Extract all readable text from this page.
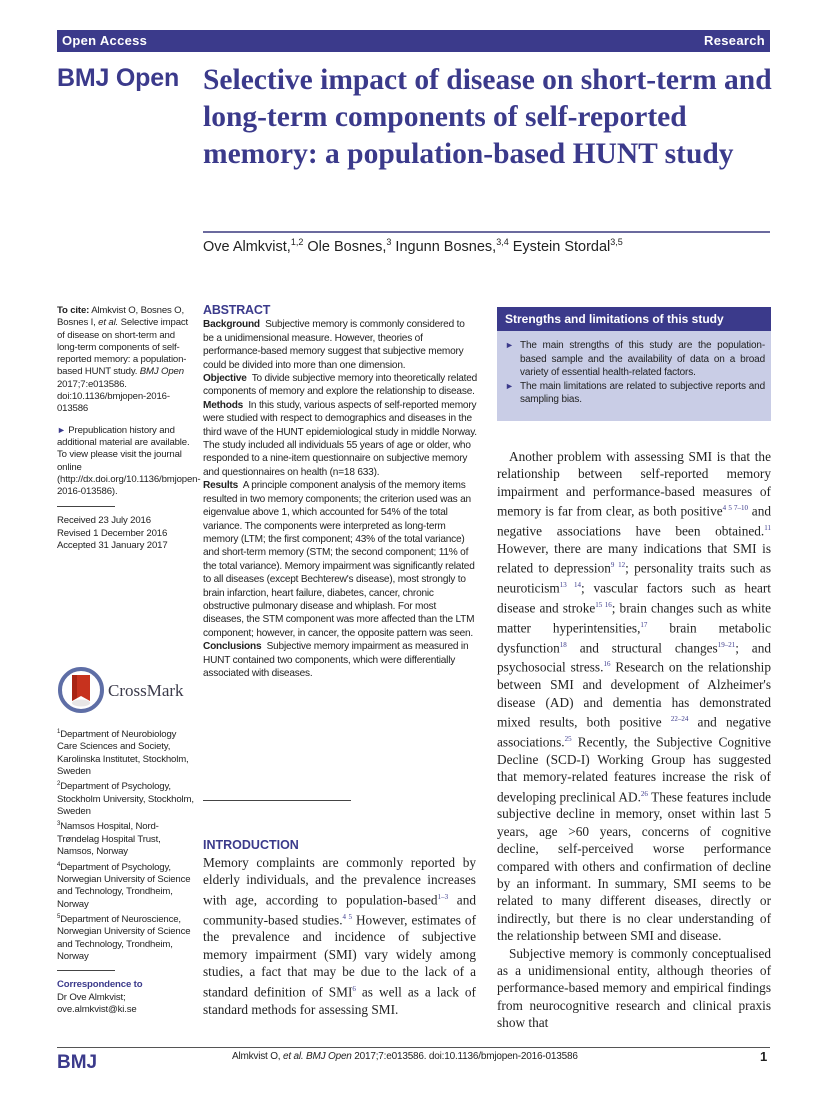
Open Access	Research
BMJ Open Selective impact of disease on short-term and long-term components of self-reported memory: a population-based HUNT study
Ove Almkvist,$^{1,2}$ Ole Bosnes,$^3$ Ingunn Bosnes,$^{3,4}$ Eystein Stordal$^{3,5}$
To cite: Almkvist O, Bosnes O, Bosnes I, et al. Selective impact of disease on short-term and long-term components of self-reported memory: a population-based HUNT study. BMJ Open 2017;7:e013586. doi:10.1136/bmjopen-2016-013586
► Prepublication history and additional material are available. To view please visit the journal online (http://dx.doi.org/10.1136/bmjopen-2016-013586).
Received 23 July 2016
Revised 1 December 2016
Accepted 31 January 2017
CrossMark
$^1$Department of Neurobiology Care Sciences and Society, Karolinska Institutet, Stockholm, Sweden
$^2$Department of Psychology, Stockholm University, Stockholm, Sweden
$^3$Namsos Hospital, Nord-Trøndelag Hospital Trust, Namsos, Norway
$^4$Department of Psychology, Norwegian University of Science and Technology, Trondheim, Norway
$^5$Department of Neuroscience, Norwegian University of Science and Technology, Trondheim, Norway
Correspondence to
Dr Ove Almkvist;
ove.almkvist@ki.se
ABSTRACT
Background Subjective memory is commonly considered to be a unidimensional measure. However, theories of performance-based memory suggest that subjective memory could be divided into more than one dimension.
Objective To divide subjective memory into theoretically related components of memory and explore the relationship to disease.
Methods In this study, various aspects of self-reported memory were studied with respect to demographics and diseases in the third wave of the HUNT epidemiological study in middle Norway. The study included all individuals 55 years of age or older, who responded to a nine-item questionnaire on subjective memory and questionnaires on health (n=18 633).
Results A principle component analysis of the memory items resulted in two memory components; the criterion used was an eigenvalue above 1, which accounted for 54% of the total variance. The components were interpreted as long-term memory (LTM; the first component; 43% of the total variance) and short-term memory (STM; the second component; 11% of the total variance). Memory impairment was significantly related to all diseases (except Bechterew's disease), most strongly to brain infarction, heart failure, diabetes, cancer, chronic obstructive pulmonary disease and whiplash. For most diseases, the STM component was more affected than the LTM component; however, in cancer, the opposite pattern was seen.
Conclusions Subjective memory impairment as measured in HUNT contained two components, which were differentially associated with diseases.
INTRODUCTION
Memory complaints are commonly reported by elderly individuals, and the prevalence increases with age, according to population-based$^{1-3}$ and community-based studies.$^{4 5}$ However, estimates of the prevalence and incidence of subjective memory impairment (SMI) vary widely among studies, a fact that may be due to the lack of a standard definition of SMI$^6$ as well as a lack of standard methods for assessing SMI.
Strengths and limitations of this study
► The main strengths of this study are the population-based sample and the availability of data on a broad variety of essential health-related factors.
► The main limitations are related to subjective reports and sampling bias.

Another problem with assessing SMI is that the relationship between self-reported memory impairment and performance-based measures of memory is far from clear, as both positive$^{4 5 7-10}$ and negative associations have been obtained.$^{11}$ However, there are many indications that SMI is related to depression$^{9 12}$; personality traits such as neuroticism$^{13 14}$; vascular factors such as heart disease and stroke$^{15 16}$; brain changes such as white matter hyperintensities,$^{17}$ brain metabolic dysfunction$^{18}$ and structural changes$^{19-21}$; and psychosocial stress.$^{16}$ Research on the relationship between SMI and development of Alzheimer's disease (AD) and dementia has demonstrated mixed results, both positive $^{22-24}$ and negative associations.$^{25}$ Recently, the Subjective Cognitive Decline (SCD-I) Working Group has suggested that memory-related features increase the risk of developing preclinical AD.$^{26}$ These features include subjective decline in memory, onset within last 5 years, age >60 years, concerns of cognitive decline, self-perceived worse performance compared with others and confirmation of decline by an informant. In summary, SMI seems to be related to many different diseases, directly or indirectly, but there is no clear understanding of the relationship between SMI and disease.

Subjective memory is commonly conceptualised as a unidimensional entity, although theories of performance-based memory and empirical findings from neurocognitive research and clinical praxis show that

BMJ	Almkvist O, et al. BMJ Open 2017;7:e013586. doi:10.1136/bmjopen-2016-013586	1
